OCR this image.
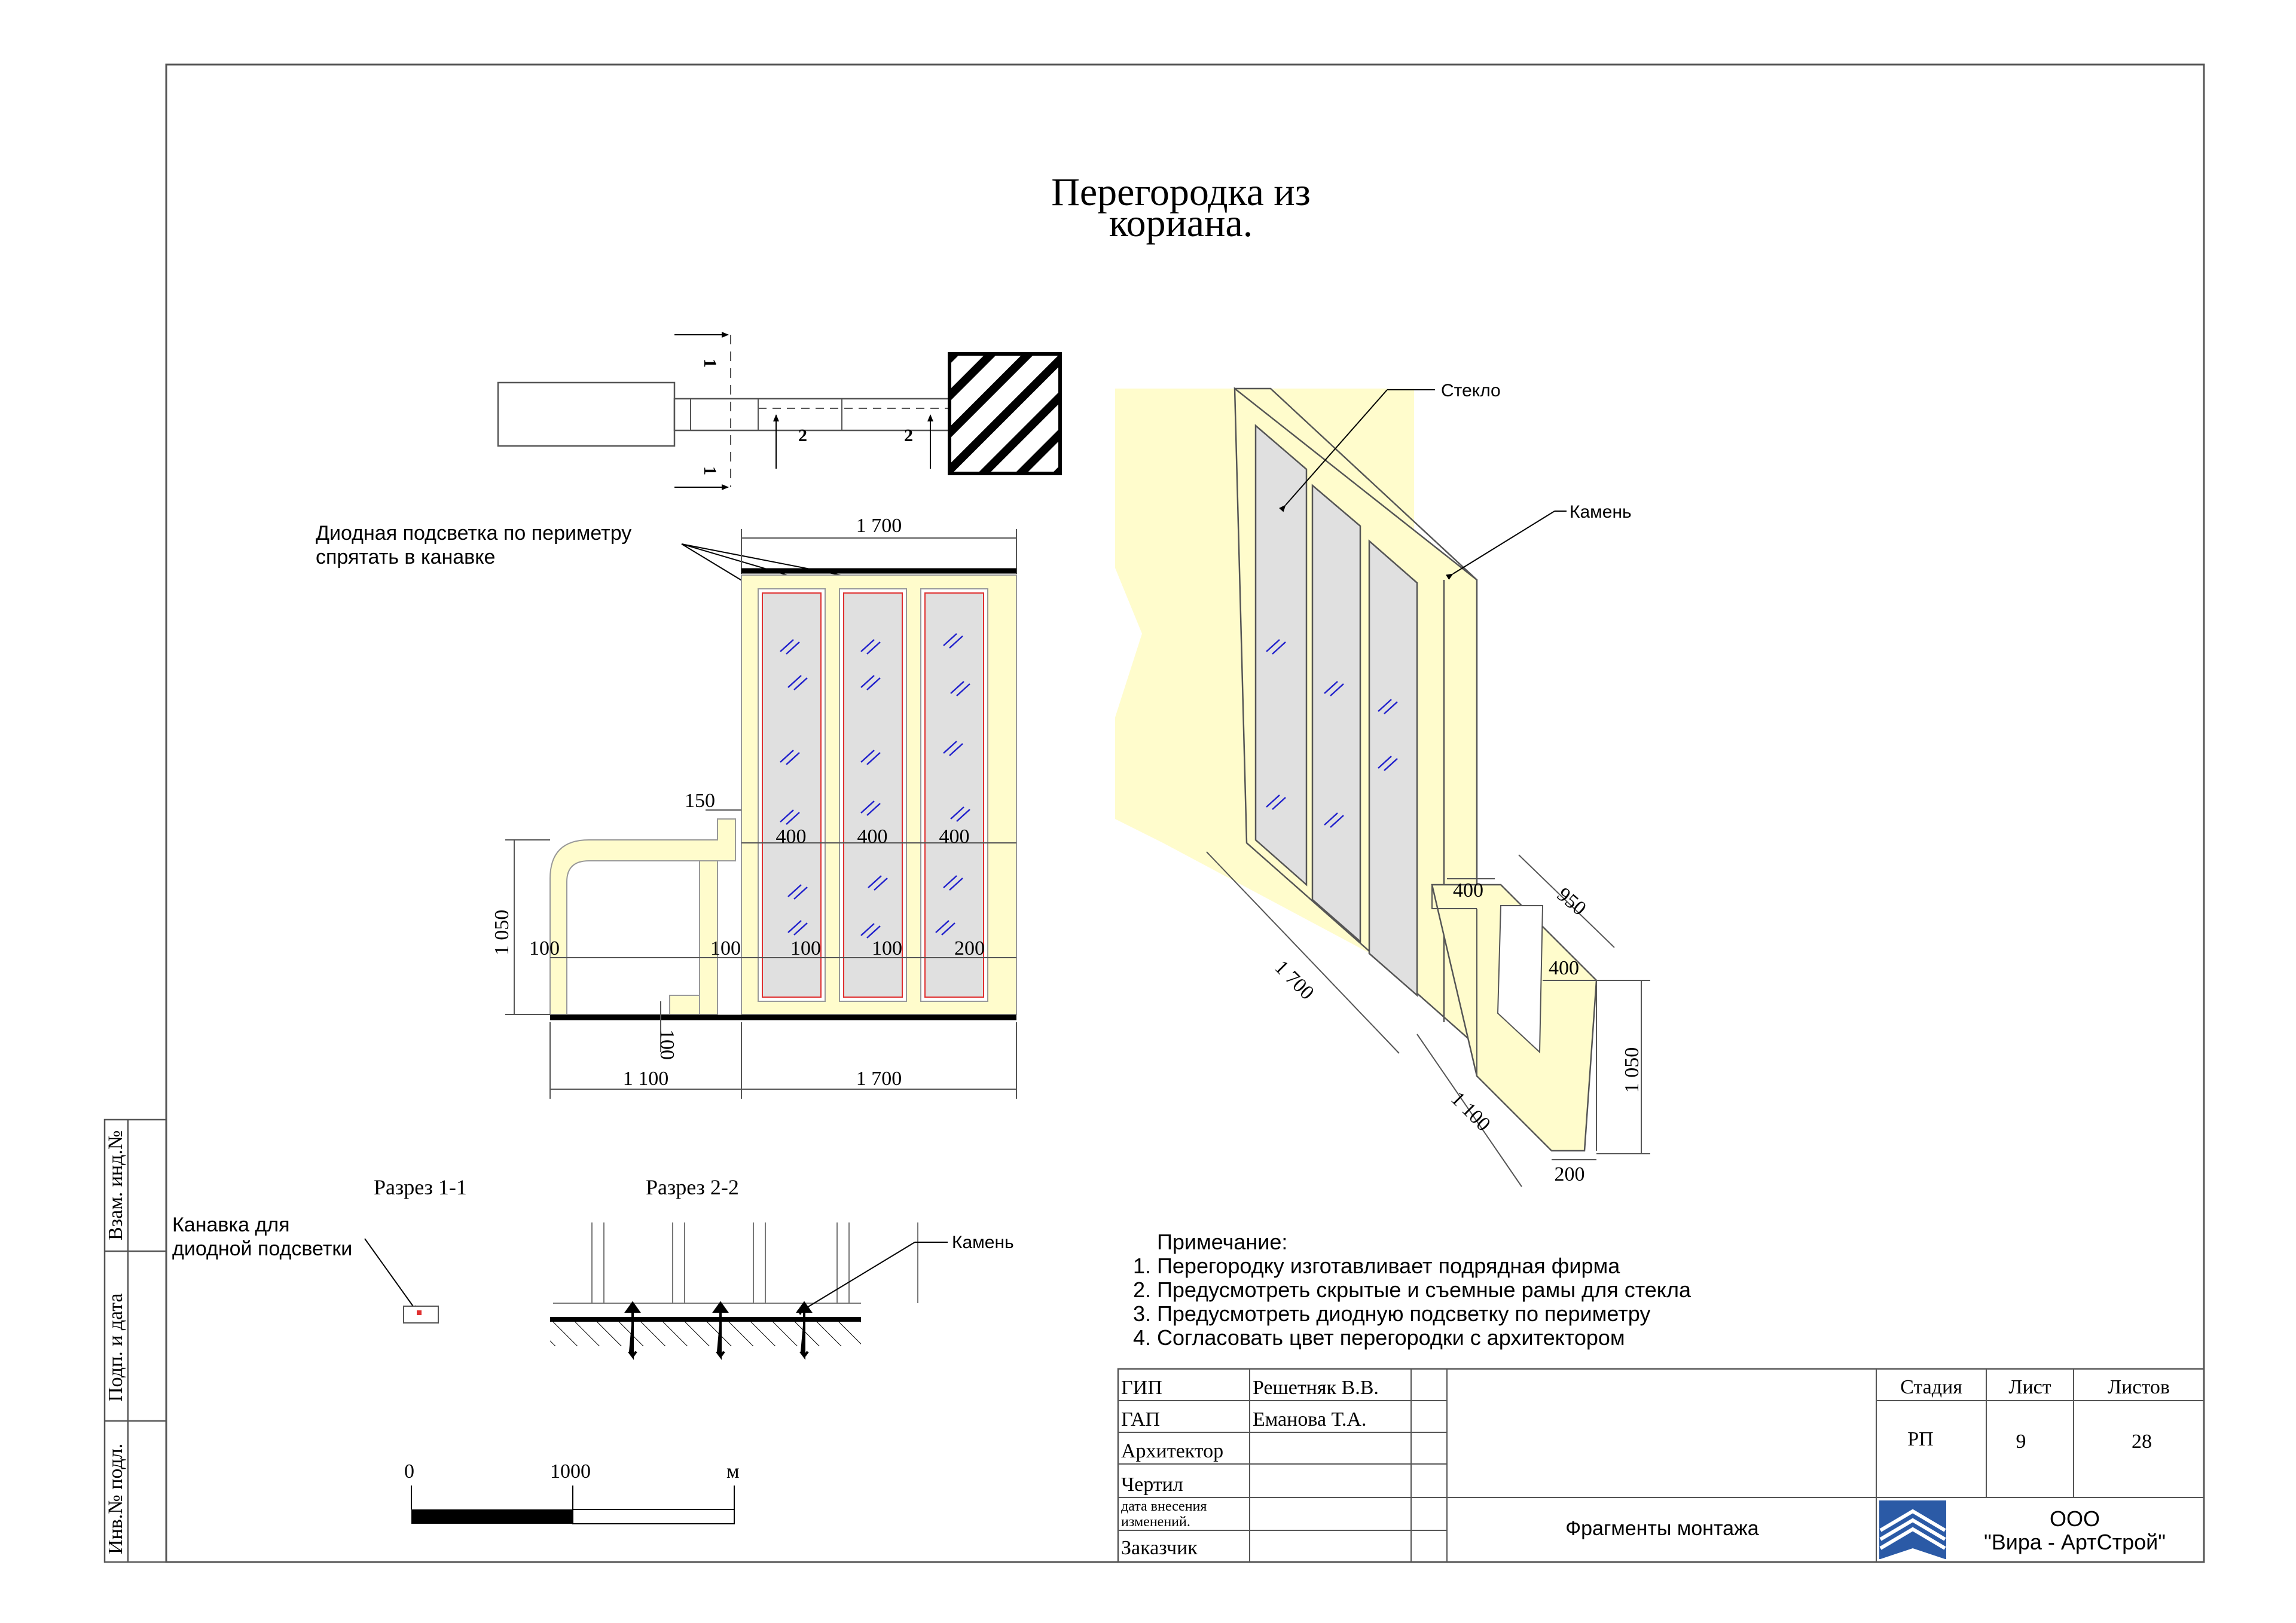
Взам. инд.№
Подп. и дата
Инв.№ подл.
Перегородка из
кориана.
1
1
2	2
Диодная подсветка по периметру
спрятать в канавке
1 700
400	400	400
150
100	100 100	100	200
1 050
100
1 100	1 700
Стекло
Камень
1 700
1 100
400	950
400
1 050
200
Разрез 1-1	Разрез 2-2
Канавка для
диодной подсветки	Камень	Примечание:
1. Перегородку изготавливает подрядная фирма
2. Предусмотреть скрытые и съемные рамы для стекла
3. Предусмотреть диодную подсветку по периметру
4. Согласовать цвет перегородки с архитектором
0	1000	м
ГИП	Решетняк В.В.
ГАП	Еманова Т.А.
Архитектор
Чертил
дата внесения
изменений.
Заказчик
Стадия Лист	Листов
РП	9	28
Фрагменты монтажа	ООО
"Вира - АртСтрой"
